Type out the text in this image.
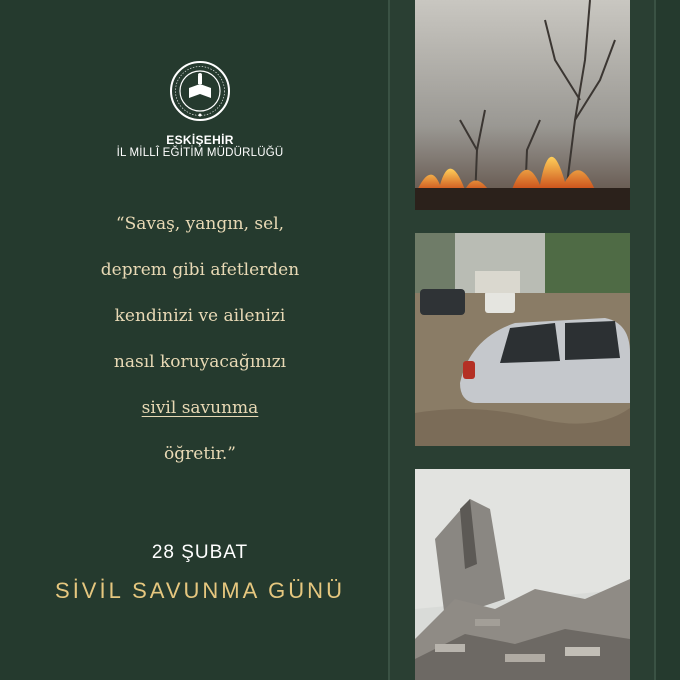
ESKİŞEHİR
İL MİLLÎ EĞİTİM MÜDÜRLÜĞÜ
“Savaş, yangın, sel,
deprem gibi afetlerden
kendinizi ve ailenizi
nasıl koruyacağınızı
sivil savunma
öğretir.”
28 ŞUBAT
SİVİL SAVUNMA GÜNÜ
